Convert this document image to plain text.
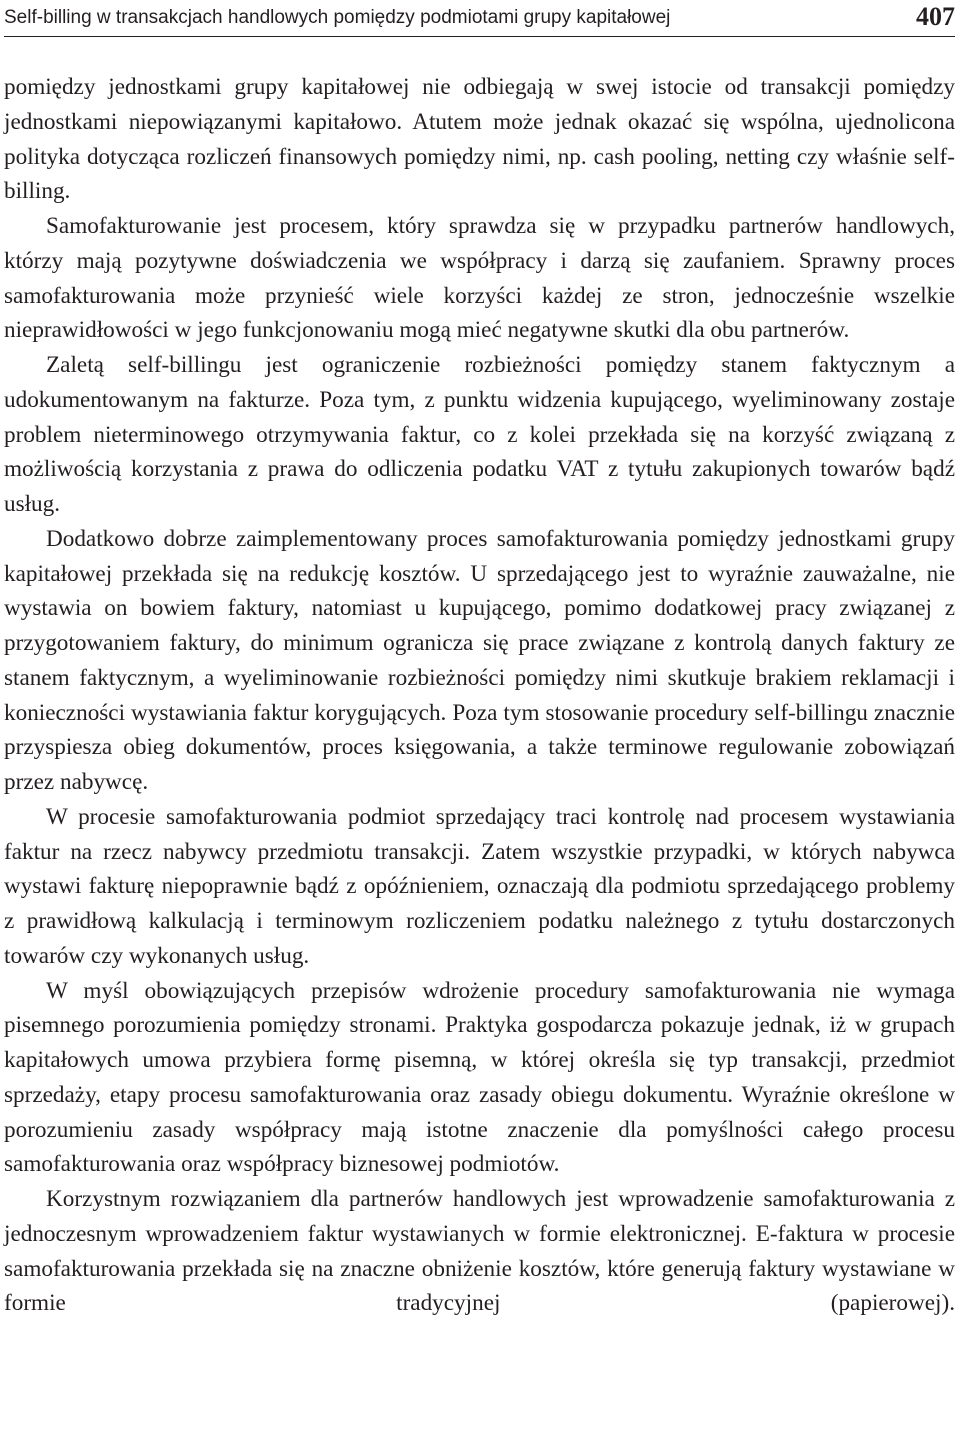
Self-billing w transakcjach handlowych pomiędzy podmiotami grupy kapitałowej	407

pomiędzy jednostkami grupy kapitałowej nie odbiegają w swej istocie od transakcji pomiędzy jednostkami niepowiązanymi kapitałowo. Atutem może jednak okazać się wspólna, ujednolicona polityka dotycząca rozliczeń finansowych pomiędzy nimi, np. cash pooling, netting czy właśnie self-billing.

Samofakturowanie jest procesem, który sprawdza się w przypadku partnerów handlowych, którzy mają pozytywne doświadczenia we współpracy i darzą się zaufaniem. Sprawny proces samofakturowania może przynieść wiele korzyści każdej ze stron, jednocześnie wszelkie nieprawidłowości w jego funkcjonowaniu mogą mieć negatywne skutki dla obu partnerów.

Zaletą self-billingu jest ograniczenie rozbieżności pomiędzy stanem faktycznym a udokumentowanym na fakturze. Poza tym, z punktu widzenia kupującego, wyeliminowany zostaje problem nieterminowego otrzymywania faktur, co z kolei przekłada się na korzyść związaną z możliwością korzystania z prawa do odliczenia podatku VAT z tytułu zakupionych towarów bądź usług.

Dodatkowo dobrze zaimplementowany proces samofakturowania pomiędzy jednostkami grupy kapitałowej przekłada się na redukcję kosztów. U sprzedającego jest to wyraźnie zauważalne, nie wystawia on bowiem faktury, natomiast u kupującego, pomimo dodatkowej pracy związanej z przygotowaniem faktury, do minimum ogranicza się prace związane z kontrolą danych faktury ze stanem faktycznym, a wyeliminowanie rozbieżności pomiędzy nimi skutkuje brakiem reklamacji i konieczności wystawiania faktur korygujących. Poza tym stosowanie procedury self-billingu znacznie przyspiesza obieg dokumentów, proces księgowania, a także terminowe regulowanie zobowiązań przez nabywcę.

W procesie samofakturowania podmiot sprzedający traci kontrolę nad procesem wystawiania faktur na rzecz nabywcy przedmiotu transakcji. Zatem wszystkie przypadki, w których nabywca wystawi fakturę niepoprawnie bądź z opóźnieniem, oznaczają dla podmiotu sprzedającego problemy z prawidłową kalkulacją i terminowym rozliczeniem podatku należnego z tytułu dostarczonych towarów czy wykonanych usług.

W myśl obowiązujących przepisów wdrożenie procedury samofakturowania nie wymaga pisemnego porozumienia pomiędzy stronami. Praktyka gospodarcza pokazuje jednak, iż w grupach kapitałowych umowa przybiera formę pisemną, w której określa się typ transakcji, przedmiot sprzedaży, etapy procesu samofakturowania oraz zasady obiegu dokumentu. Wyraźnie określone w porozumieniu zasady współpracy mają istotne znaczenie dla pomyślności całego procesu samofakturowania oraz współpracy biznesowej podmiotów.

Korzystnym rozwiązaniem dla partnerów handlowych jest wprowadzenie samofakturowania z jednoczesnym wprowadzeniem faktur wystawianych w formie elektronicznej. E-faktura w procesie samofakturowania przekłada się na znaczne obniżenie kosztów, które generują faktury wystawiane w formie tradycyjnej (papierowej).
